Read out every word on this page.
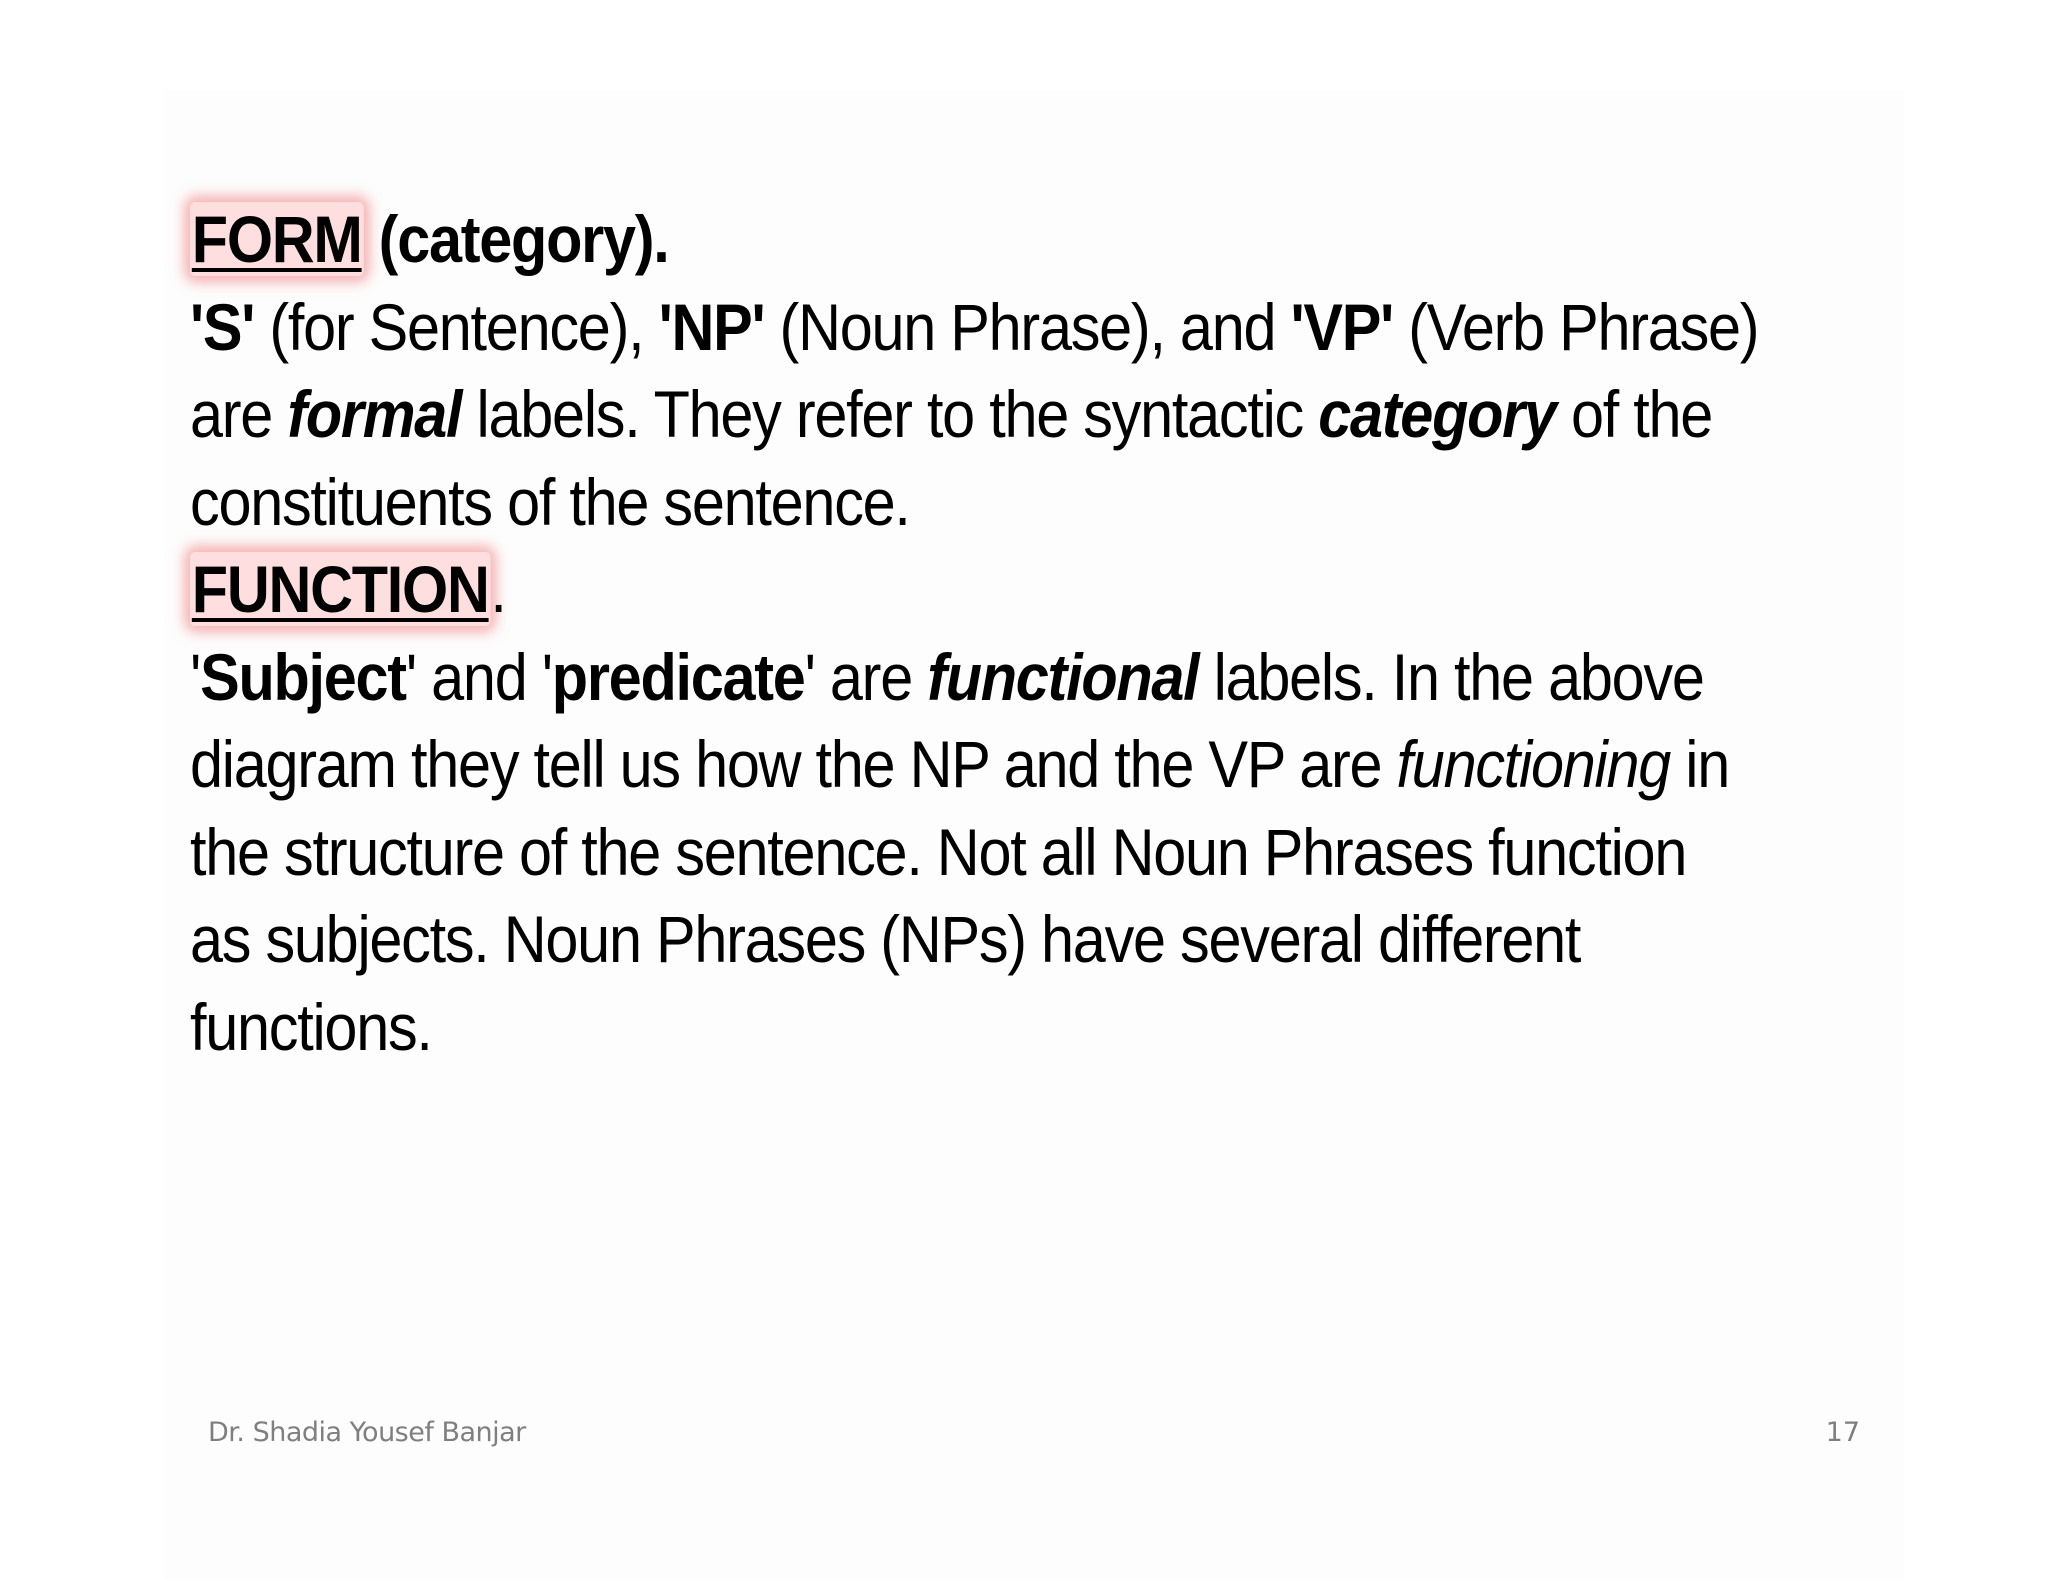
FORM (category).

'S' (for Sentence), 'NP' (Noun Phrase), and 'VP' (Verb Phrase)

are formal labels. They refer to the syntactic category of the

constituents of the sentence.

FUNCTION.

'Subject' and 'predicate' are functional labels. In the above

diagram they tell us how the NP and the VP are functioning in

the structure of the sentence. Not all Noun Phrases function

as subjects. Noun Phrases (NPs) have several different

functions.

Dr. Shadia Yousef Banjar	17
